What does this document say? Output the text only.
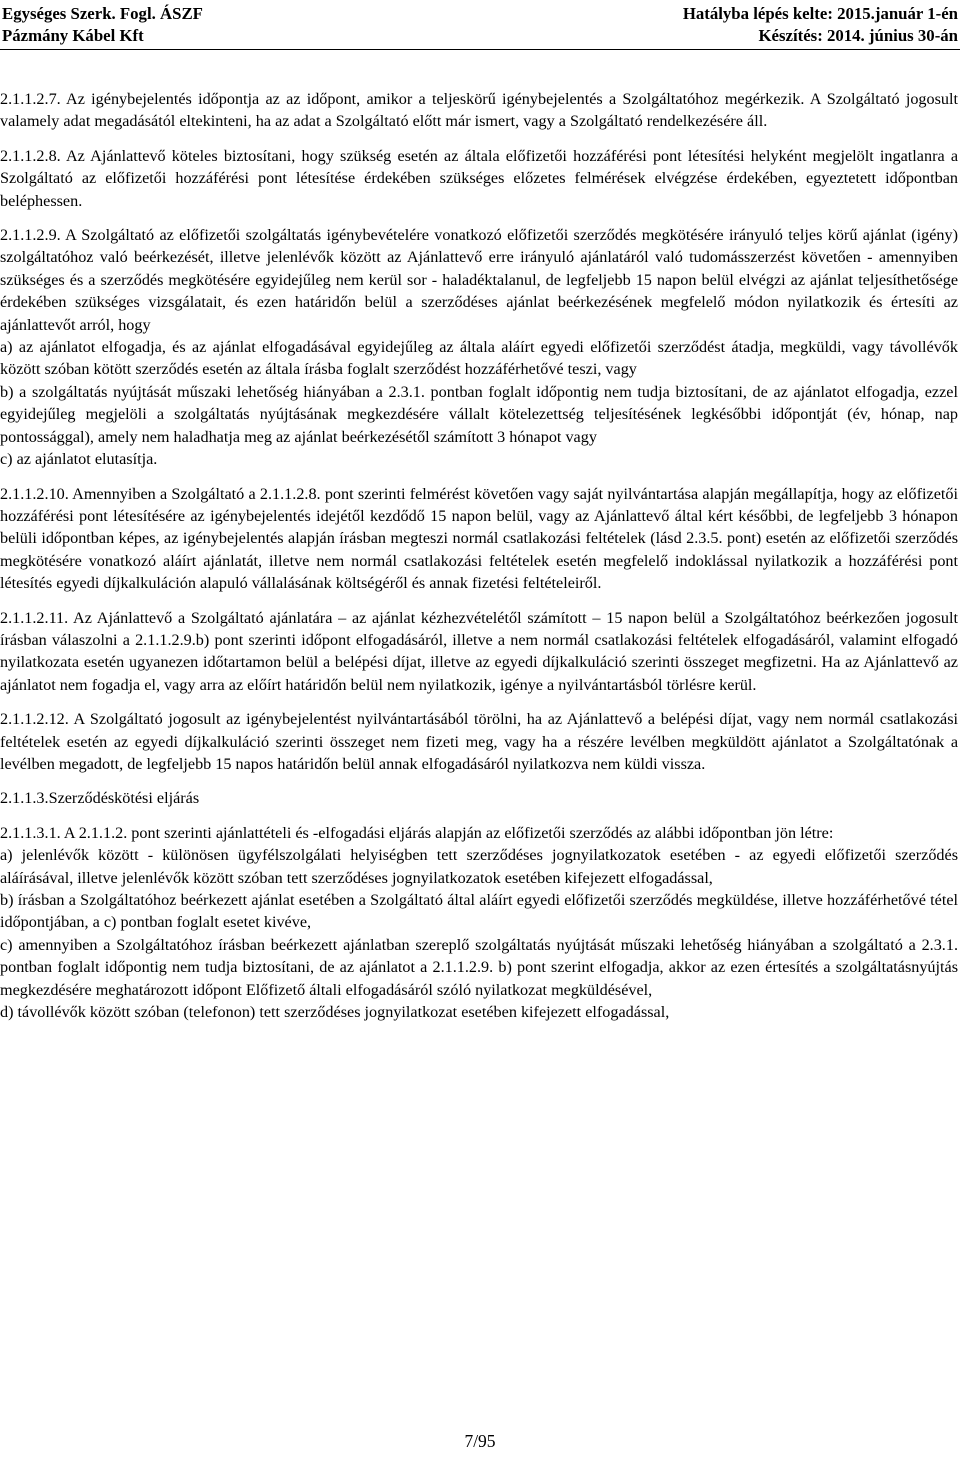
Egységes Szerk. Fogl. ÁSZF
Pázmány Kábel Kft
Hatályba lépés kelte: 2015.január 1-én
Készítés: 2014. június 30-án

2.1.1.2.7. Az igénybejelentés időpontja az az időpont, amikor a teljeskörű igénybejelentés a Szolgáltatóhoz megérkezik. A Szolgáltató jogosult valamely adat megadásától eltekinteni, ha az adat a Szolgáltató előtt már ismert, vagy a Szolgáltató rendelkezésére áll.

2.1.1.2.8. Az Ajánlattevő köteles biztosítani, hogy szükség esetén az általa előfizetői hozzáférési pont létesítési helyként megjelölt ingatlanra a Szolgáltató az előfizetői hozzáférési pont létesítése érdekében szükséges előzetes felmérések elvégzése érdekében, egyeztetett időpontban beléphessen.

2.1.1.2.9. A Szolgáltató az előfizetői szolgáltatás igénybevételére vonatkozó előfizetői szerződés megkötésére irányuló teljes körű ajánlat (igény) szolgáltatóhoz való beérkezését, illetve jelenlévők között az Ajánlattevő erre irányuló ajánlatáról való tudomásszerzést követően - amennyiben szükséges és a szerződés megkötésére egyidejűleg nem kerül sor - haladéktalanul, de legfeljebb 15 napon belül elvégzi az ajánlat teljesíthetősége érdekében szükséges vizsgálatait, és ezen határidőn belül a szerződéses ajánlat beérkezésének megfelelő módon nyilatkozik és értesíti az ajánlattevőt arról, hogy

a) az ajánlatot elfogadja, és az ajánlat elfogadásával egyidejűleg az általa aláírt egyedi előfizetői szerződést átadja, megküldi, vagy távollévők között szóban kötött szerződés esetén az általa írásba foglalt szerződést hozzáférhetővé teszi, vagy

b) a szolgáltatás nyújtását műszaki lehetőség hiányában a 2.3.1. pontban foglalt időpontig nem tudja biztosítani, de az ajánlatot elfogadja, ezzel egyidejűleg megjelöli a szolgáltatás nyújtásának megkezdésére vállalt kötelezettség teljesítésének legkésőbbi időpontját (év, hónap, nap pontossággal), amely nem haladhatja meg az ajánlat beérkezésétől számított 3 hónapot vagy

c) az ajánlatot elutasítja.

2.1.1.2.10. Amennyiben a Szolgáltató a 2.1.1.2.8. pont szerinti felmérést követően vagy saját nyilvántartása alapján megállapítja, hogy az előfizetői hozzáférési pont létesítésére az igénybejelentés idejétől kezdődő 15 napon belül, vagy az Ajánlattevő által kért későbbi, de legfeljebb 3 hónapon belüli időpontban képes, az igénybejelentés alapján írásban megteszi normál csatlakozási feltételek (lásd 2.3.5. pont) esetén az előfizetői szerződés megkötésére vonatkozó aláírt ajánlatát, illetve nem normál csatlakozási feltételek esetén megfelelő indoklással nyilatkozik a hozzáférési pont létesítés egyedi díjkalkuláción alapuló vállalásának költségéről és annak fizetési feltételeiről.

2.1.1.2.11. Az Ajánlattevő a Szolgáltató ajánlatára – az ajánlat kézhezvételétől számított – 15 napon belül a Szolgáltatóhoz beérkezően jogosult írásban válaszolni a 2.1.1.2.9.b) pont szerinti időpont elfogadásáról, illetve a nem normál csatlakozási feltételek elfogadásáról, valamint elfogadó nyilatkozata esetén ugyanezen időtartamon belül a belépési díjat, illetve az egyedi díjkalkuláció szerinti összeget megfizetni. Ha az Ajánlattevő az ajánlatot nem fogadja el, vagy arra az előírt határidőn belül nem nyilatkozik, igénye a nyilvántartásból törlésre kerül.

2.1.1.2.12. A Szolgáltató jogosult az igénybejelentést nyilvántartásából törölni, ha az Ajánlattevő a belépési díjat, vagy nem normál csatlakozási feltételek esetén az egyedi díjkalkuláció szerinti összeget nem fizeti meg, vagy ha a részére levélben megküldött ajánlatot a Szolgáltatónak a levélben megadott, de legfeljebb 15 napos határidőn belül annak elfogadásáról nyilatkozva nem küldi vissza.

2.1.1.3.Szerződéskötési eljárás

2.1.1.3.1. A 2.1.1.2. pont szerinti ajánlattételi és -elfogadási eljárás alapján az előfizetői szerződés az alábbi időpontban jön létre:

a) jelenlévők között - különösen ügyfélszolgálati helyiségben tett szerződéses jognyilatkozatok esetében - az egyedi előfizetői szerződés aláírásával, illetve jelenlévők között szóban tett szerződéses jognyilatkozatok esetében kifejezett elfogadással,

b) írásban a Szolgáltatóhoz beérkezett ajánlat esetében a Szolgáltató által aláírt egyedi előfizetői szerződés megküldése, illetve hozzáférhetővé tétel időpontjában, a c) pontban foglalt esetet kivéve,

c) amennyiben a Szolgáltatóhoz írásban beérkezett ajánlatban szereplő szolgáltatás nyújtását műszaki lehetőség hiányában a szolgáltató a 2.3.1. pontban foglalt időpontig nem tudja biztosítani, de az ajánlatot a 2.1.1.2.9. b) pont szerint elfogadja, akkor az ezen értesítés a szolgáltatásnyújtás megkezdésére meghatározott időpont Előfizető általi elfogadásáról szóló nyilatkozat megküldésével,

d) távollévők között szóban (telefonon) tett szerződéses jognyilatkozat esetében kifejezett elfogadással,

7/95
